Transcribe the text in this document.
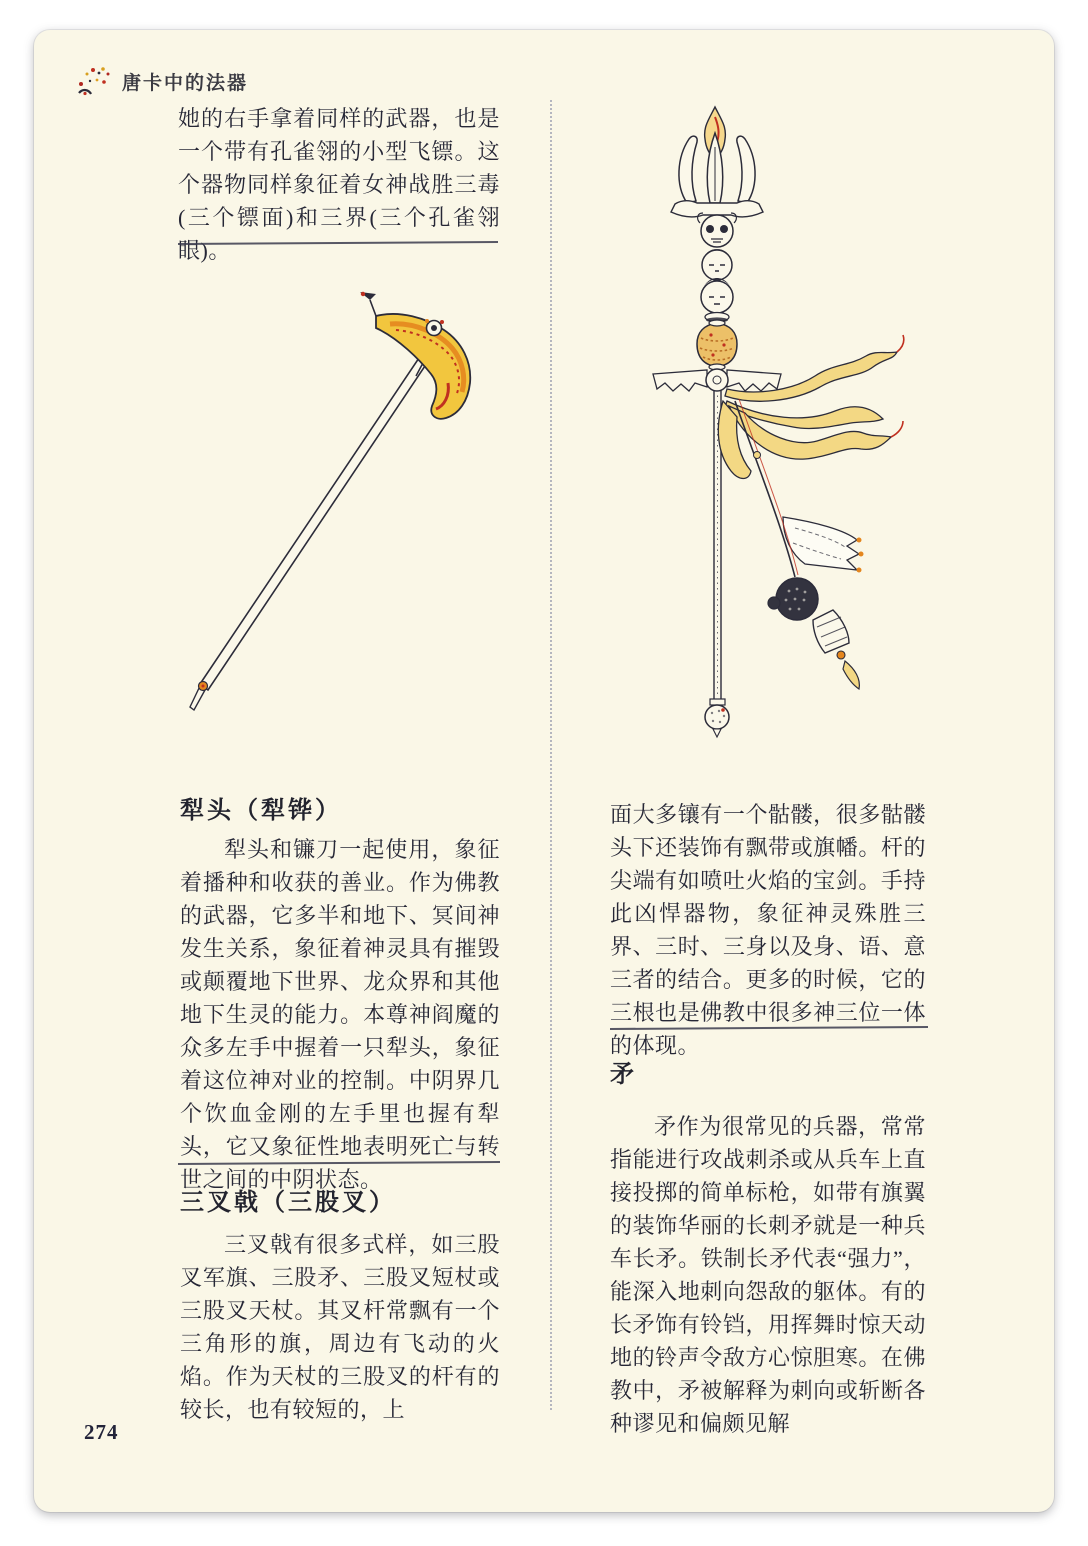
唐卡中的法器
她的右手拿着同样的武器，也是一个带有孔雀翎的小型飞镖。这个器物同样象征着女神战胜三毒(三个镖面)和三界(三个孔雀翎眼)。
犁头（犁铧）
犁头和镰刀一起使用，象征着播种和收获的善业。作为佛教的武器，它多半和地下、冥间神发生关系，象征着神灵具有摧毁或颠覆地下世界、龙众界和其他地下生灵的能力。本尊神阎魔的众多左手中握着一只犁头，象征着这位神对业的控制。中阴界几个饮血金刚的左手里也握有犁头，它又象征性地表明死亡与转世之间的中阴状态。
三叉戟（三股叉）
三叉戟有很多式样，如三股叉军旗、三股矛、三股叉短杖或三股叉天杖。其叉杆常飘有一个三角形的旗，周边有飞动的火焰。作为天杖的三股叉的杆有的较长，也有较短的，上
面大多镶有一个骷髅，很多骷髅头下还装饰有飘带或旗幡。杆的尖端有如喷吐火焰的宝剑。手持此凶悍器物，象征神灵殊胜三界、三时、三身以及身、语、意三者的结合。更多的时候，它的三根也是佛教中很多神三位一体的体现。
矛
矛作为很常见的兵器，常常指能进行攻战刺杀或从兵车上直接投掷的简单标枪，如带有旗翼的装饰华丽的长刺矛就是一种兵车长矛。铁制长矛代表“强力”，能深入地刺向怨敌的躯体。有的长矛饰有铃铛，用挥舞时惊天动地的铃声令敌方心惊胆寒。在佛教中，矛被解释为刺向或斩断各种谬见和偏颇见解
274
